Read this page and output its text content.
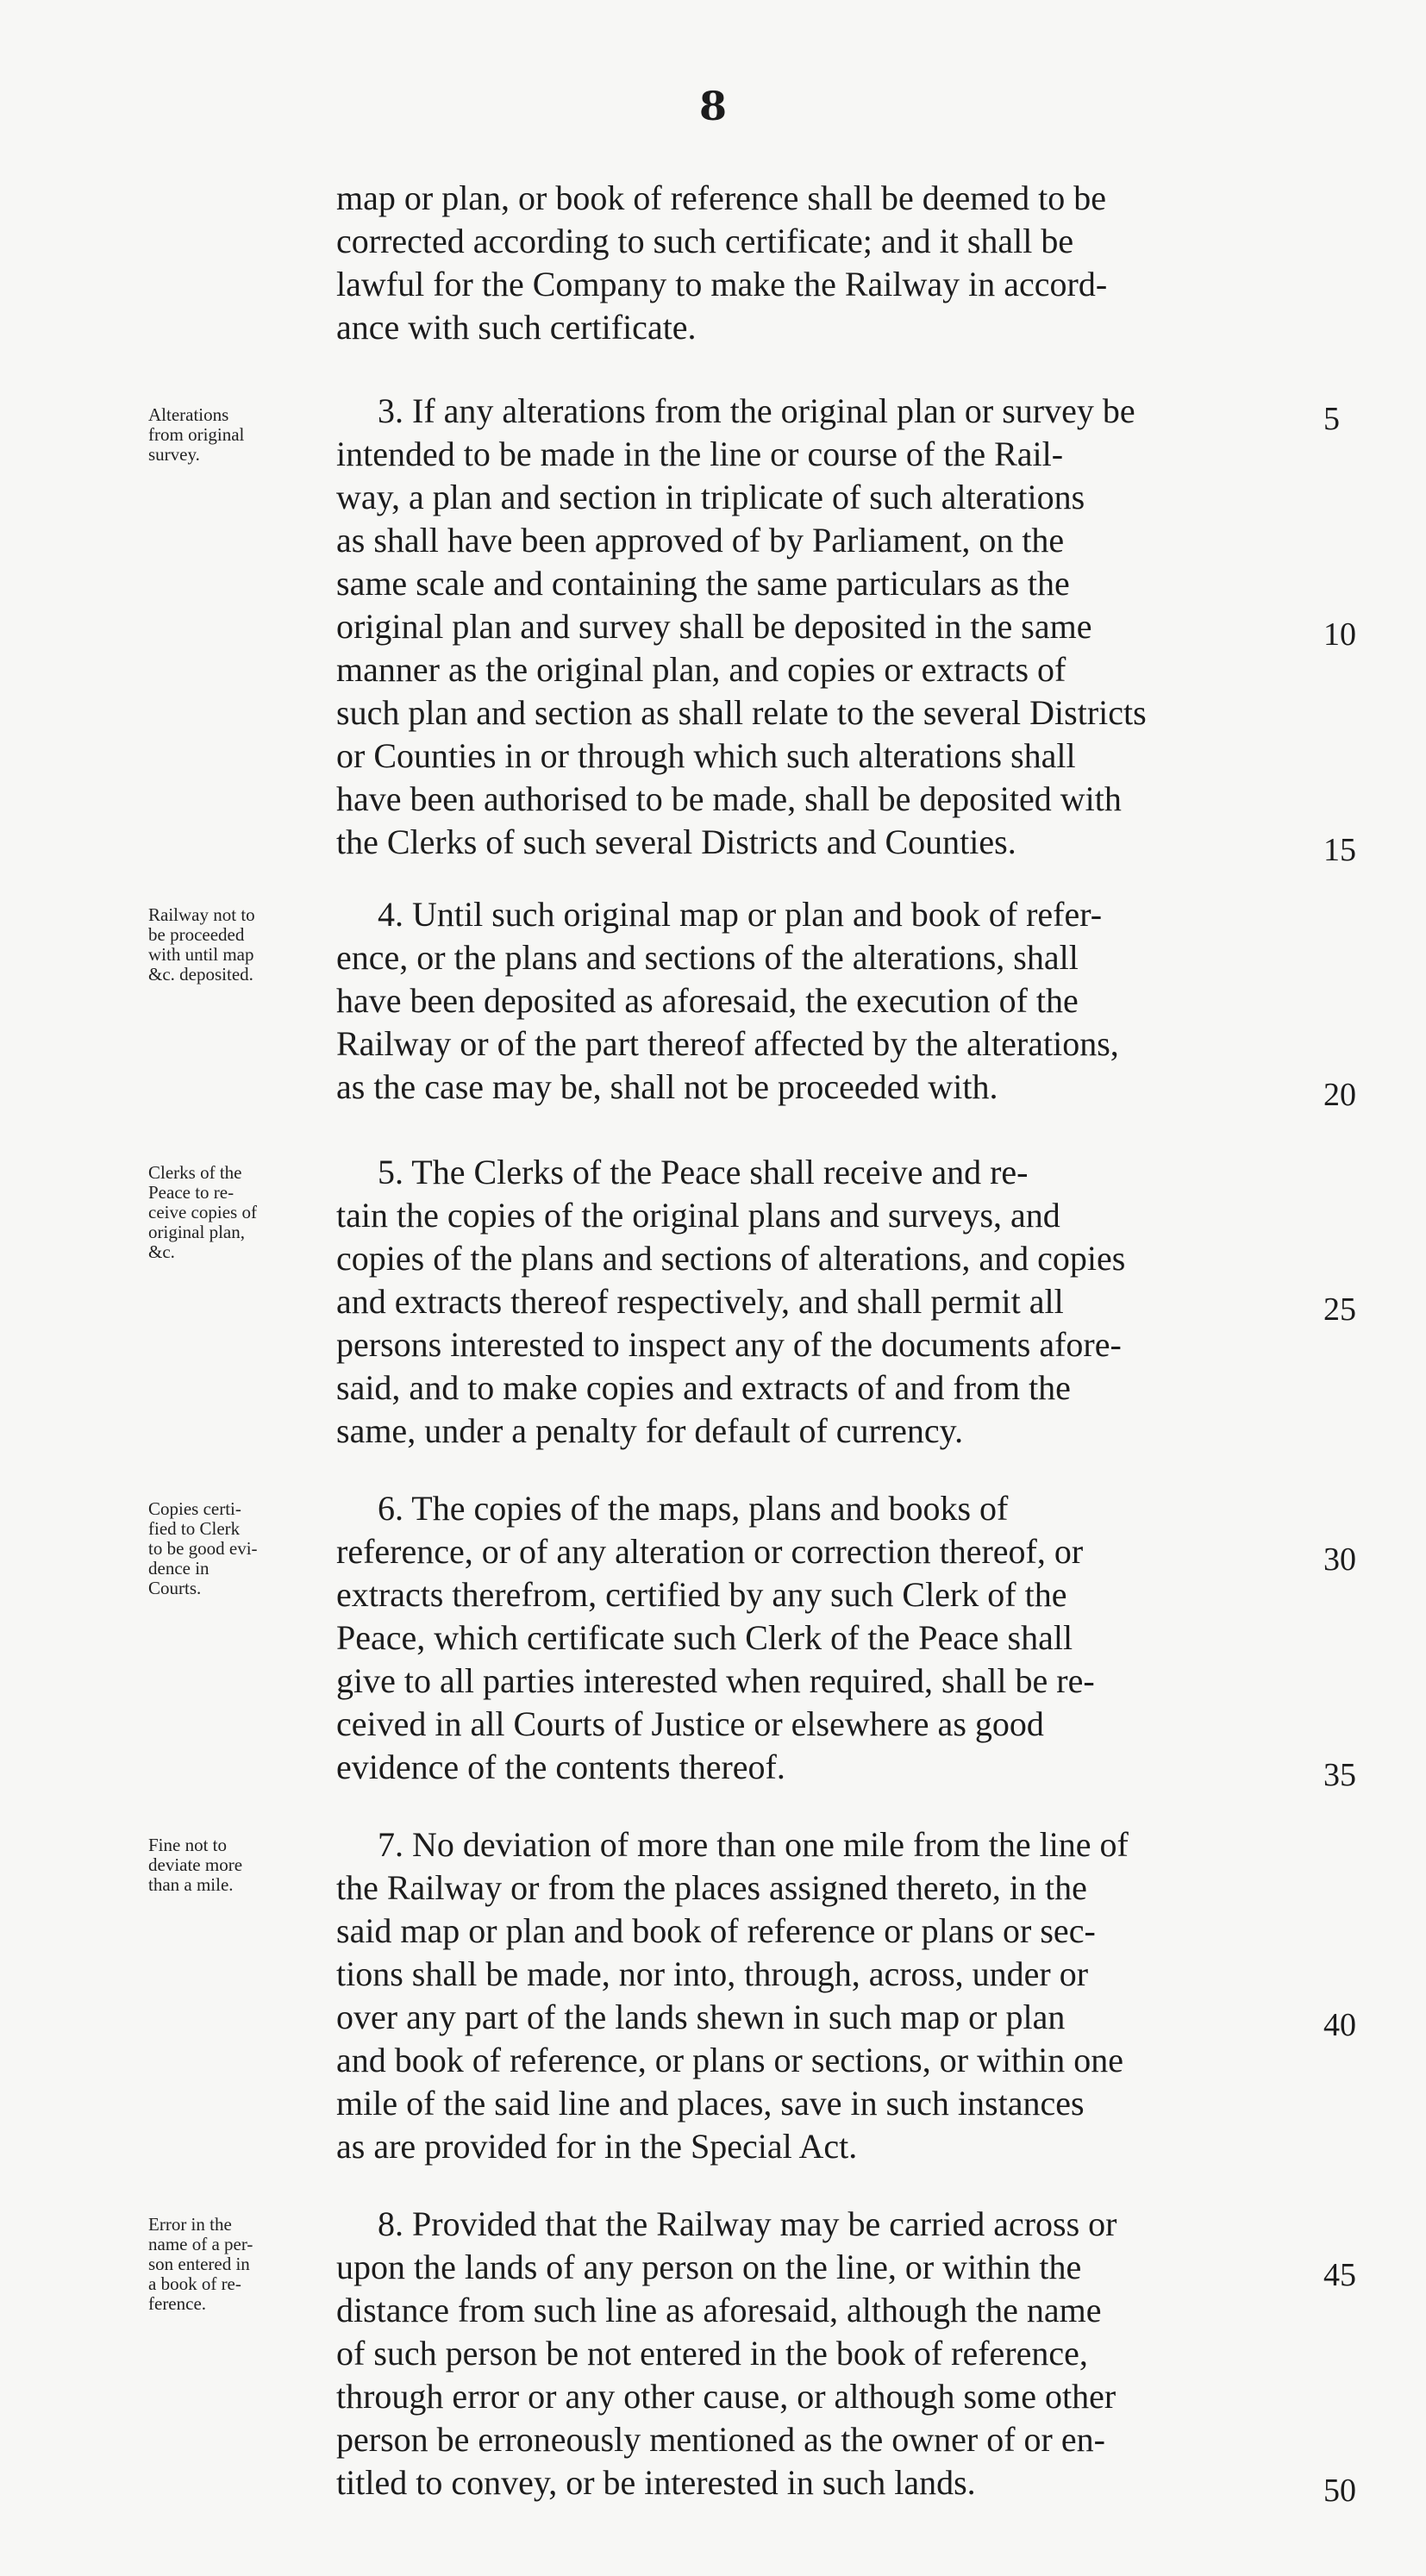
8
map or plan, or book of reference shall be deemed to be
corrected according to such certificate; and it shall be
lawful for the Company to make the Railway in accord-
ance with such certificate.
Alterations
from original
survey.
3. If any alterations from the original plan or survey be
intended to be made in the line or course of the Rail-
way, a plan and section in triplicate of such alterations
as shall have been approved of by Parliament, on the
same scale and containing the same particulars as the
original plan and survey shall be deposited in the same
manner as the original plan, and copies or extracts of
such plan and section as shall relate to the several Districts
or Counties in or through which such alterations shall
have been authorised to be made, shall be deposited with
the Clerks of such several Districts and Counties.
5
10
15
Railway not to
be proceeded
with until map
&c. deposited.
4. Until such original map or plan and book of refer-
ence, or the plans and sections of the alterations, shall
have been deposited as aforesaid, the execution of the
Railway or of the part thereof affected by the alterations,
as the case may be, shall not be proceeded with.	20
Clerks of the
Peace to re-
ceive copies of
original plan,
&c.
5. The Clerks of the Peace shall receive and re-
tain the copies of the original plans and surveys, and
copies of the plans and sections of alterations, and copies
and extracts thereof respectively, and shall permit all
persons interested to inspect any of the documents afore-
said, and to make copies and extracts of and from the
same, under a penalty for default of currency.
25
Copies certi-
fied to Clerk
to be good evi-
dence in
Courts.
6. The copies of the maps, plans and books of
reference, or of any alteration or correction thereof, or
extracts therefrom, certified by any such Clerk of the
Peace, which certificate such Clerk of the Peace shall
give to all parties interested when required, shall be re-
ceived in all Courts of Justice or elsewhere as good
evidence of the contents thereof.
30
35
Fine not to
deviate more
than a mile.
7. No deviation of more than one mile from the line of
the Railway or from the places assigned thereto, in the
said map or plan and book of reference or plans or sec-
tions shall be made, nor into, through, across, under or
over any part of the lands shewn in such map or plan
and book of reference, or plans or sections, or within one
mile of the said line and places, save in such instances
as are provided for in the Special Act.
40
Error in the
name of a per-
son entered in
a book of re-
ference.
8. Provided that the Railway may be carried across or
upon the lands of any person on the line, or within the
distance from such line as aforesaid, although the name
of such person be not entered in the book of reference,
through error or any other cause, or although some other
person be erroneously mentioned as the owner of or en-
titled to convey, or be interested in such lands.
45
50
